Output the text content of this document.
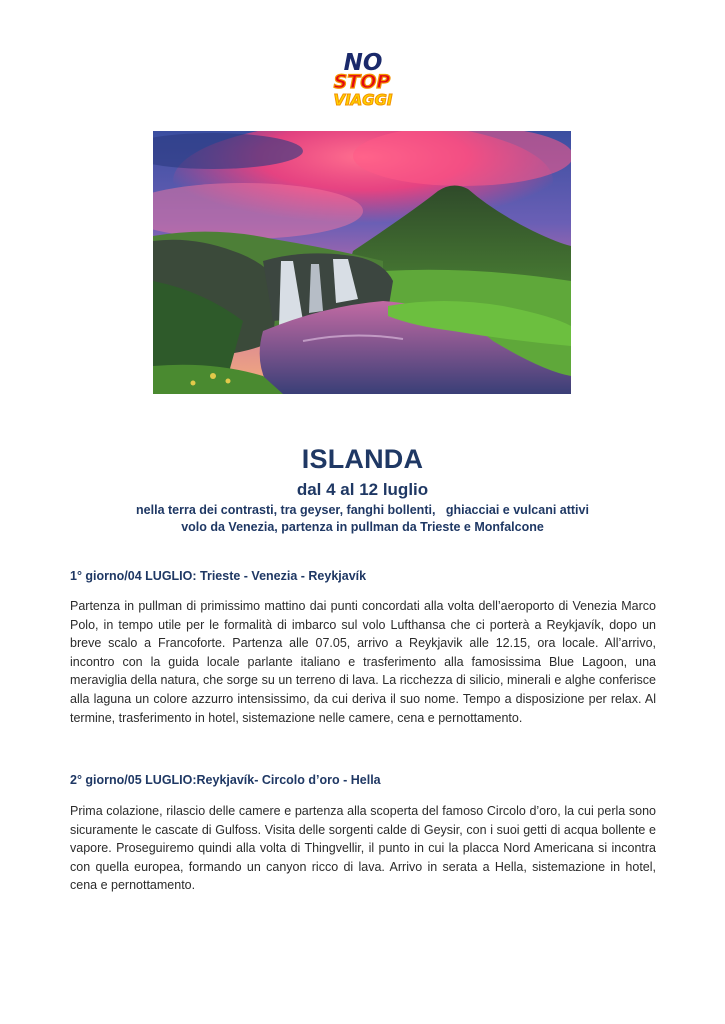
NO
STOP
VIAGGI
ISLANDA
dal 4 al 12 luglio

nella terra dei contrasti, tra geyser, fanghi bollenti,   ghiacciai e vulcani attivi

volo da Venezia, partenza in pullman da Trieste e Monfalcone

1° giorno/04 LUGLIO: Trieste - Venezia - Reykjavík

Partenza in pullman di primissimo mattino dai punti concordati alla volta dell’aeroporto di Venezia Marco Polo, in tempo utile per le formalità di imbarco sul volo Lufthansa che ci porterà a Reykjavík, dopo un breve scalo a Francoforte. Partenza alle 07.05, arrivo a Reykjavik alle 12.15, ora locale. All’arrivo, incontro con la guida locale parlante italiano e trasferimento alla famosissima Blue Lagoon, una meraviglia della natura, che sorge su un terreno di lava. La ricchezza di silicio, minerali e alghe conferisce alla laguna un colore azzurro intensissimo, da cui deriva il suo nome. Tempo a disposizione per relax. Al termine, trasferimento in hotel, sistemazione nelle camere, cena e pernottamento.

2° giorno/05 LUGLIO:Reykjavík- Circolo d’oro - Hella

Prima colazione, rilascio delle camere e partenza alla scoperta del famoso Circolo d’oro, la cui perla sono sicuramente le cascate di Gulfoss. Visita delle sorgenti calde di Geysir, con i suoi getti di acqua bollente e vapore. Proseguiremo quindi alla volta di Thingvellir, il punto in cui la placca Nord Americana si incontra con quella europea, formando un canyon ricco di lava. Arrivo in serata a Hella, sistemazione in hotel, cena e pernottamento.
